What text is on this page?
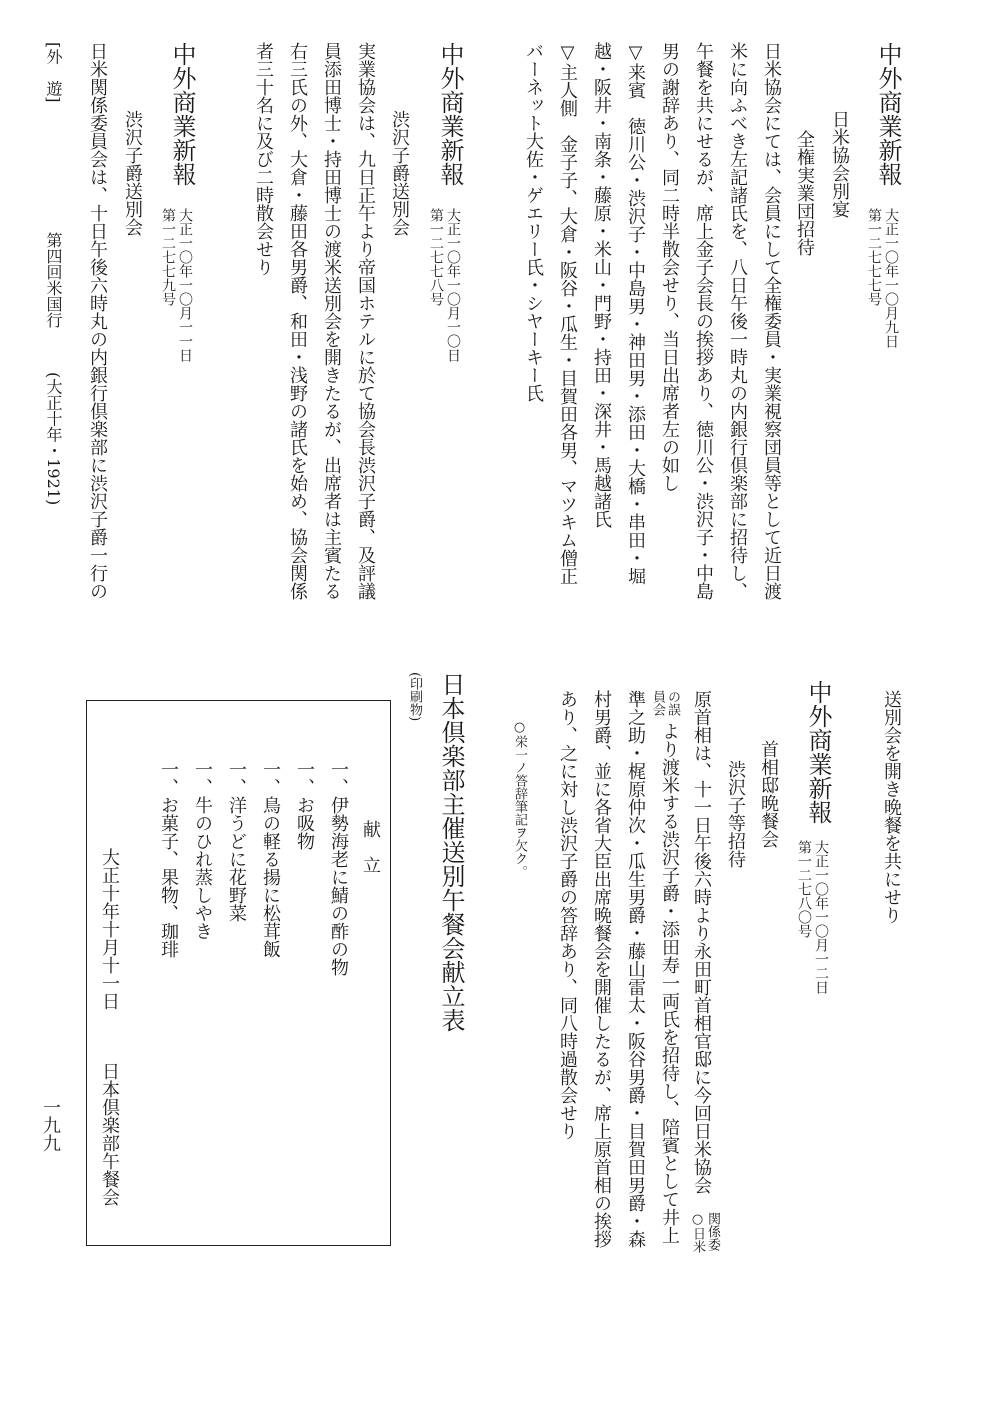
中外商業新報
第一二七七七号 大正一〇年一〇月九日
日米協会別宴
全権実業団招待
日米協会にては、会員にして全権委員・実業視察団員等として近日渡
米に向ふべき左記諸氏を、八日午後一時丸の内銀行倶楽部に招待し、
午餐を共にせるが、席上金子会長の挨拶あり、徳川公・渋沢子・中島
男の謝辞あり、同二時半散会せり、当日出席者左の如し
▽来賓　徳川公・渋沢子・中島男・神田男・添田・大橋・串田・堀
越・阪井・南条・藤原・米山・門野・持田・深井・馬越諸氏
▽主人側　金子子、大倉・阪谷・瓜生・目賀田各男、マツキム僧正
バーネット大佐・ゲエリー氏・シヤーキー氏
中外商業新報
第一二七七八号 大正一〇年一〇月一〇日
渋沢子爵送別会
実業協会は、九日正午より帝国ホテルに於て協会長渋沢子爵、及評議
員添田博士・持田博士の渡米送別会を開きたるが、出席者は主賓たる
右三氏の外、大倉・藤田各男爵、和田・浅野の諸氏を始め、協会関係
者三十名に及び二時散会せり
中外商業新報
第一二七七九号 大正一〇年一〇月一一日
渋沢子爵送別会
日米関係委員会は、十日午後六時丸の内銀行倶楽部に渋沢子爵一行の
[外　遊]
第四回米国行
(大正十年・1921)
送別会を開き晩餐を共にせり
中外商業新報
第一二七八〇号 大正一〇年一〇月一二日
首相邸晩餐会
渋沢子等招待
原首相は、十一日午後六時より永田町首相官邸に今回日米協会
○日米 関係委
員会 の誤
より渡米する渋沢子爵・添田寿一両氏を招待し、陪賓として井上
準之助・梶原仲次・瓜生男爵・藤山雷太・阪谷男爵・目賀田男爵・森
村男爵、並に各省大臣出席晩餐会を開催したるが、席上原首相の挨拶
あり、之に対し渋沢子爵の答辞あり、同八時過散会せり
○栄一ノ答辞筆記ヲ欠ク。
日本倶楽部主催送別午餐会献立表
(印刷物)
献　立
一、伊勢海老に鯖の酢の物
一、お吸物
一、鳥の軽る揚に松茸飯
一、洋うどに花野菜
一、牛のひれ蒸しやき
一、お菓子、果物、珈琲
大正十年十月十一日
日本倶楽部午餐会
一九九
